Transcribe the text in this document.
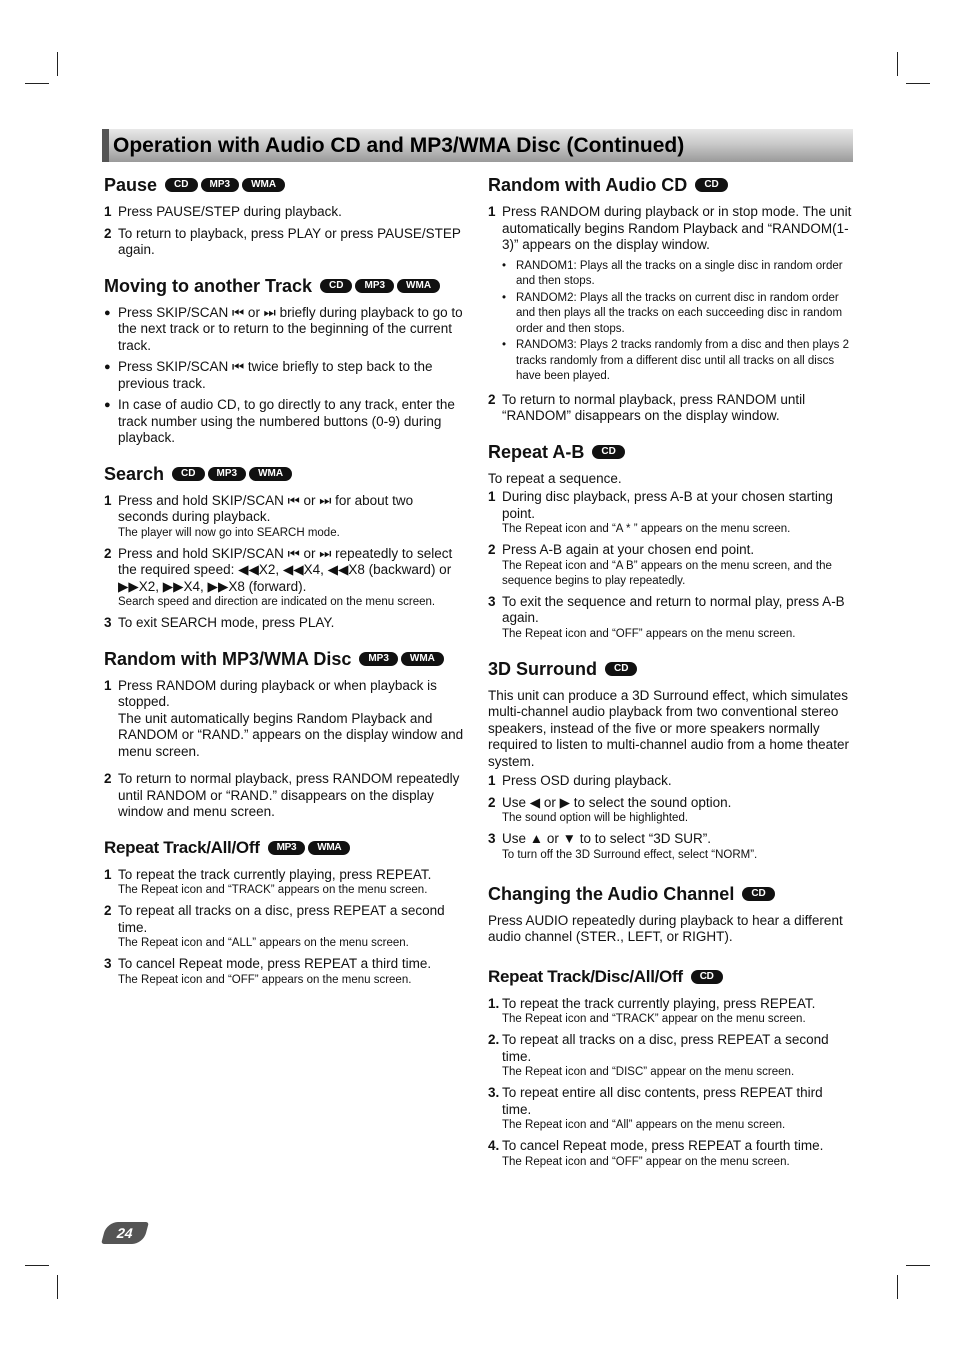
Operation with Audio CD and MP3/WMA Disc (Continued)
Pause	CD	MP3	WMA
1 Press PAUSE/STEP during playback.
2 To return to playback, press PLAY or press PAUSE/STEP again.
Moving to another Track	CD	MP3	WMA
● Press SKIP/SCAN ⏮ or ⏭ briefly during playback to go to the next track or to return to the beginning of the current track.
● Press SKIP/SCAN ⏮ twice briefly to step back to the previous track.
● In case of audio CD, to go directly to any track, enter the track number using the numbered buttons (0-9) during playback.
Search	CD	MP3	WMA
1 Press and hold SKIP/SCAN ⏮ or ⏭ for about two seconds during playback.
The player will now go into SEARCH mode.
2 Press and hold SKIP/SCAN ⏮ or ⏭ repeatedly to select the required speed: ◀◀X2, ◀◀X4, ◀◀X8 (backward) or ▶▶X2, ▶▶X4, ▶▶X8 (forward).
Search speed and direction are indicated on the menu screen.
3 To exit SEARCH mode, press PLAY.
Random with MP3/WMA Disc	MP3	WMA
1 Press RANDOM during playback or when playback is stopped.
The unit automatically begins Random Playback and RANDOM or “RAND.” appears on the display window and menu screen.
2 To return to normal playback, press RANDOM repeatedly until RANDOM or “RAND.” disappears on the display window and menu screen.
Repeat Track/All/Off	MP3	WMA
1 To repeat the track currently playing, press REPEAT.
The Repeat icon and “TRACK” appears on the menu screen.
2 To repeat all tracks on a disc, press REPEAT a second time.
The Repeat icon and “ALL” appears on the menu screen.
3 To cancel Repeat mode, press REPEAT a third time.
The Repeat icon and “OFF” appears on the menu screen.
Random with Audio CD	CD
1 Press RANDOM during playback or in stop mode. The unit automatically begins Random Playback and “RANDOM(1-3)” appears on the display window.
• RANDOM1: Plays all the tracks on a single disc in random order and then stops.
• RANDOM2: Plays all the tracks on current disc in random order and then plays all the tracks on each succeeding disc in random order and then stops.
• RANDOM3: Plays 2 tracks randomly from a disc and then plays 2 tracks randomly from a different disc until all tracks on all discs have been played.
2 To return to normal playback, press RANDOM until “RANDOM” disappears on the display window.
Repeat A-B	CD

To repeat a sequence.

1 During disc playback, press A-B at your chosen starting point.
The Repeat icon and “A * ” appears on the menu screen.
2 Press A-B again at your chosen end point.
The Repeat icon and “A B” appears on the menu screen, and the sequence begins to play repeatedly.
3 To exit the sequence and return to normal play, press A-B again.
The Repeat icon and “OFF” appears on the menu screen.
3D Surround	CD

This unit can produce a 3D Surround effect, which simulates multi-channel audio playback from two conventional stereo speakers, instead of the five or more speakers normally required to listen to multi-channel audio from a home theater system.

1 Press OSD during playback.
2 Use ◀ or ▶ to select the sound option.
The sound option will be highlighted.
3 Use ▲ or ▼ to to select “3D SUR”.
To turn off the 3D Surround effect, select “NORM”.
Changing the Audio Channel	CD

Press AUDIO repeatedly during playback to hear a different audio channel (STER., LEFT, or RIGHT).

Repeat Track/Disc/All/Off	CD
1. To repeat the track currently playing, press REPEAT.
The Repeat icon and “TRACK” appear on the menu screen.
2. To repeat all tracks on a disc, press REPEAT a second time.
The Repeat icon and “DISC” appear on the menu screen.
3. To repeat entire all disc contents, press REPEAT third time.
The Repeat icon and “All” appears on the menu screen.
4. To cancel Repeat mode, press REPEAT a fourth time.
The Repeat icon and “OFF” appear on the menu screen.
24
